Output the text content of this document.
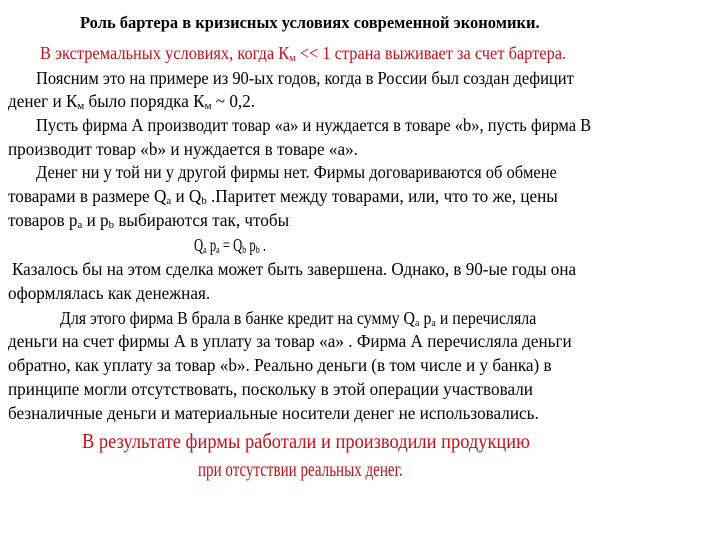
Роль бартера в кризисных условиях современной экономики.
В экстремальных условиях, когда $К_м << 1$ страна выживает за счет бартера.
Поясним это на примере из 90-ых годов, когда в России был создан дефицит
денег и $К_м$ было порядка $К_м$ ~ 0,2.
Пусть фирма А производит товар «а» и нуждается в товаре «b», пусть фирма В
производит товар «b» и нуждается в товаре «а».
Денег ни у той ни у другой фирмы нет. Фирмы договариваются об обмене
товарами в размере $Q_a$ и $Q_b$ .Паритет между товарами, или, что то же, цены
товаров $p_a$ и $p_b$ выбираются так, чтобы
$Q_a$ $p_a = Q_b$ $p_b$ .
Казалось бы на этом сделка может быть завершена. Однако, в 90-ые годы она
оформлялась как денежная.
Для этого фирма В брала в банке кредит на сумму $Q_a$ $p_a$ и перечисляла
деньги на счет фирмы А в уплату за товар «а» . Фирма А перечисляла деньги
обратно, как уплату за товар «b». Реально деньги (в том числе и у банка) в
принципе могли отсутствовать, поскольку в этой операции участвовали
безналичные деньги и материальные носители денег не использовались.
В результате фирмы работали и производили продукцию
при отсутствии реальных денег.
